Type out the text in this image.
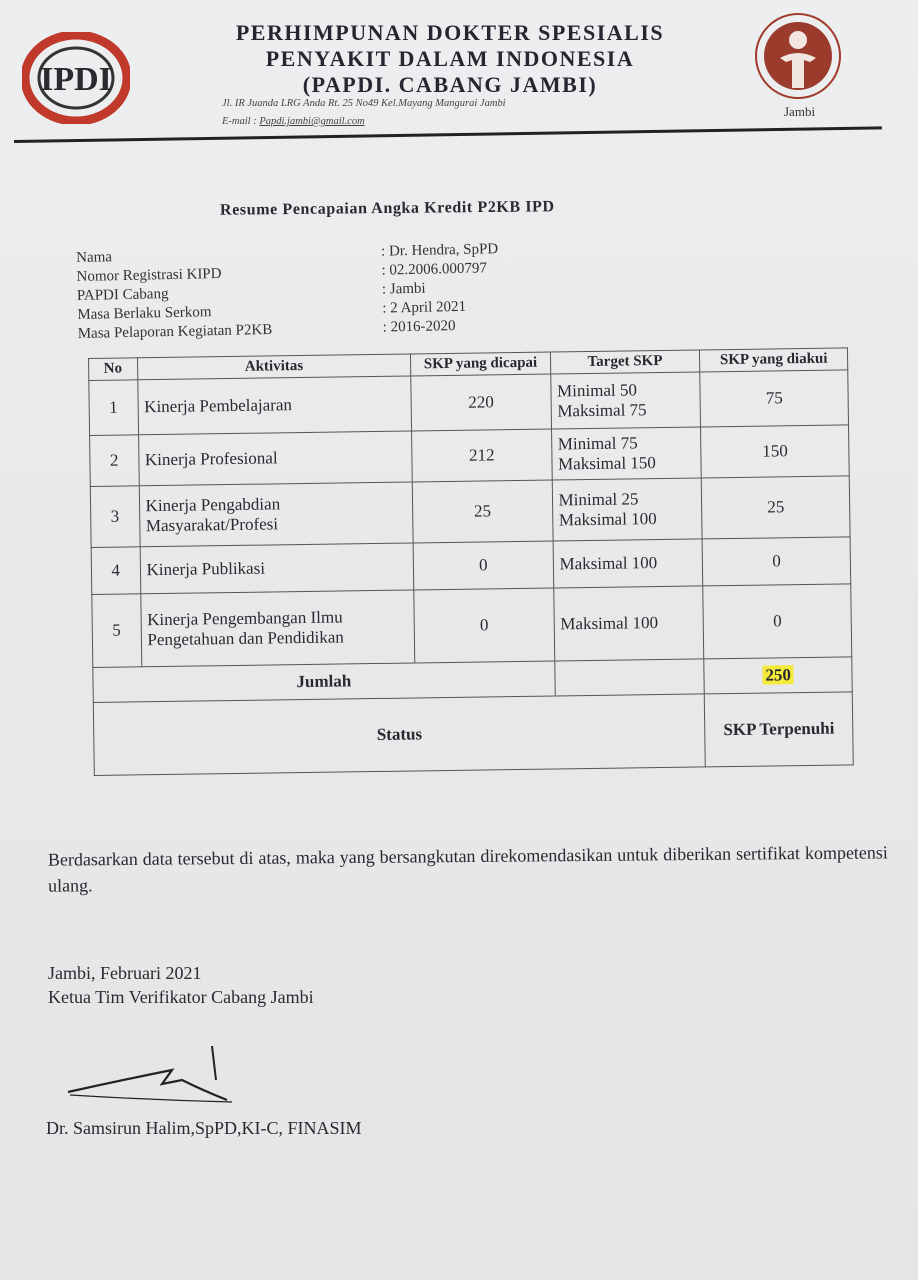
IPDI
PERHIMPUNAN DOKTER SPESIALIS
PENYAKIT DALAM INDONESIA
(PAPDI. CABANG JAMBI)
Jl. IR Juanda LRG Anda Rt. 25 No49 Kel.Mayang Mangurai Jambi
E-mail : Papdi.jambi@gmail.com
Jambi
Resume Pencapaian Angka Kredit P2KB IPD
Nama	: Dr. Hendra, SpPD
Nomor Registrasi KIPD	: 02.2006.000797
PAPDI Cabang	: Jambi
Masa Berlaku Serkom	: 2 April 2021
Masa Pelaporan Kegiatan P2KB	: 2016-2020
No	Aktivitas	SKP yang dicapai	Target SKP	SKP yang diakui
1	Kinerja Pembelajaran	220	Minimal 50 Maksimal 75	75
2	Kinerja Profesional	212	Minimal 75 Maksimal 150	150
3	Kinerja Pengabdian Masyarakat/Profesi	25	Minimal 25 Maksimal 100	25
4	Kinerja Publikasi	0	Maksimal 100	0
5	Kinerja Pengembangan Ilmu Pengetahuan dan Pendidikan	0	Maksimal 100	0
Jumlah				250
Status				SKP Terpenuhi
Berdasarkan data tersebut di atas, maka yang bersangkutan direkomendasikan untuk diberikan sertifikat kompetensi ulang.
Jambi, Februari 2021
Ketua Tim Verifikator Cabang Jambi
Dr. Samsirun Halim,SpPD,KI-C, FINASIM
